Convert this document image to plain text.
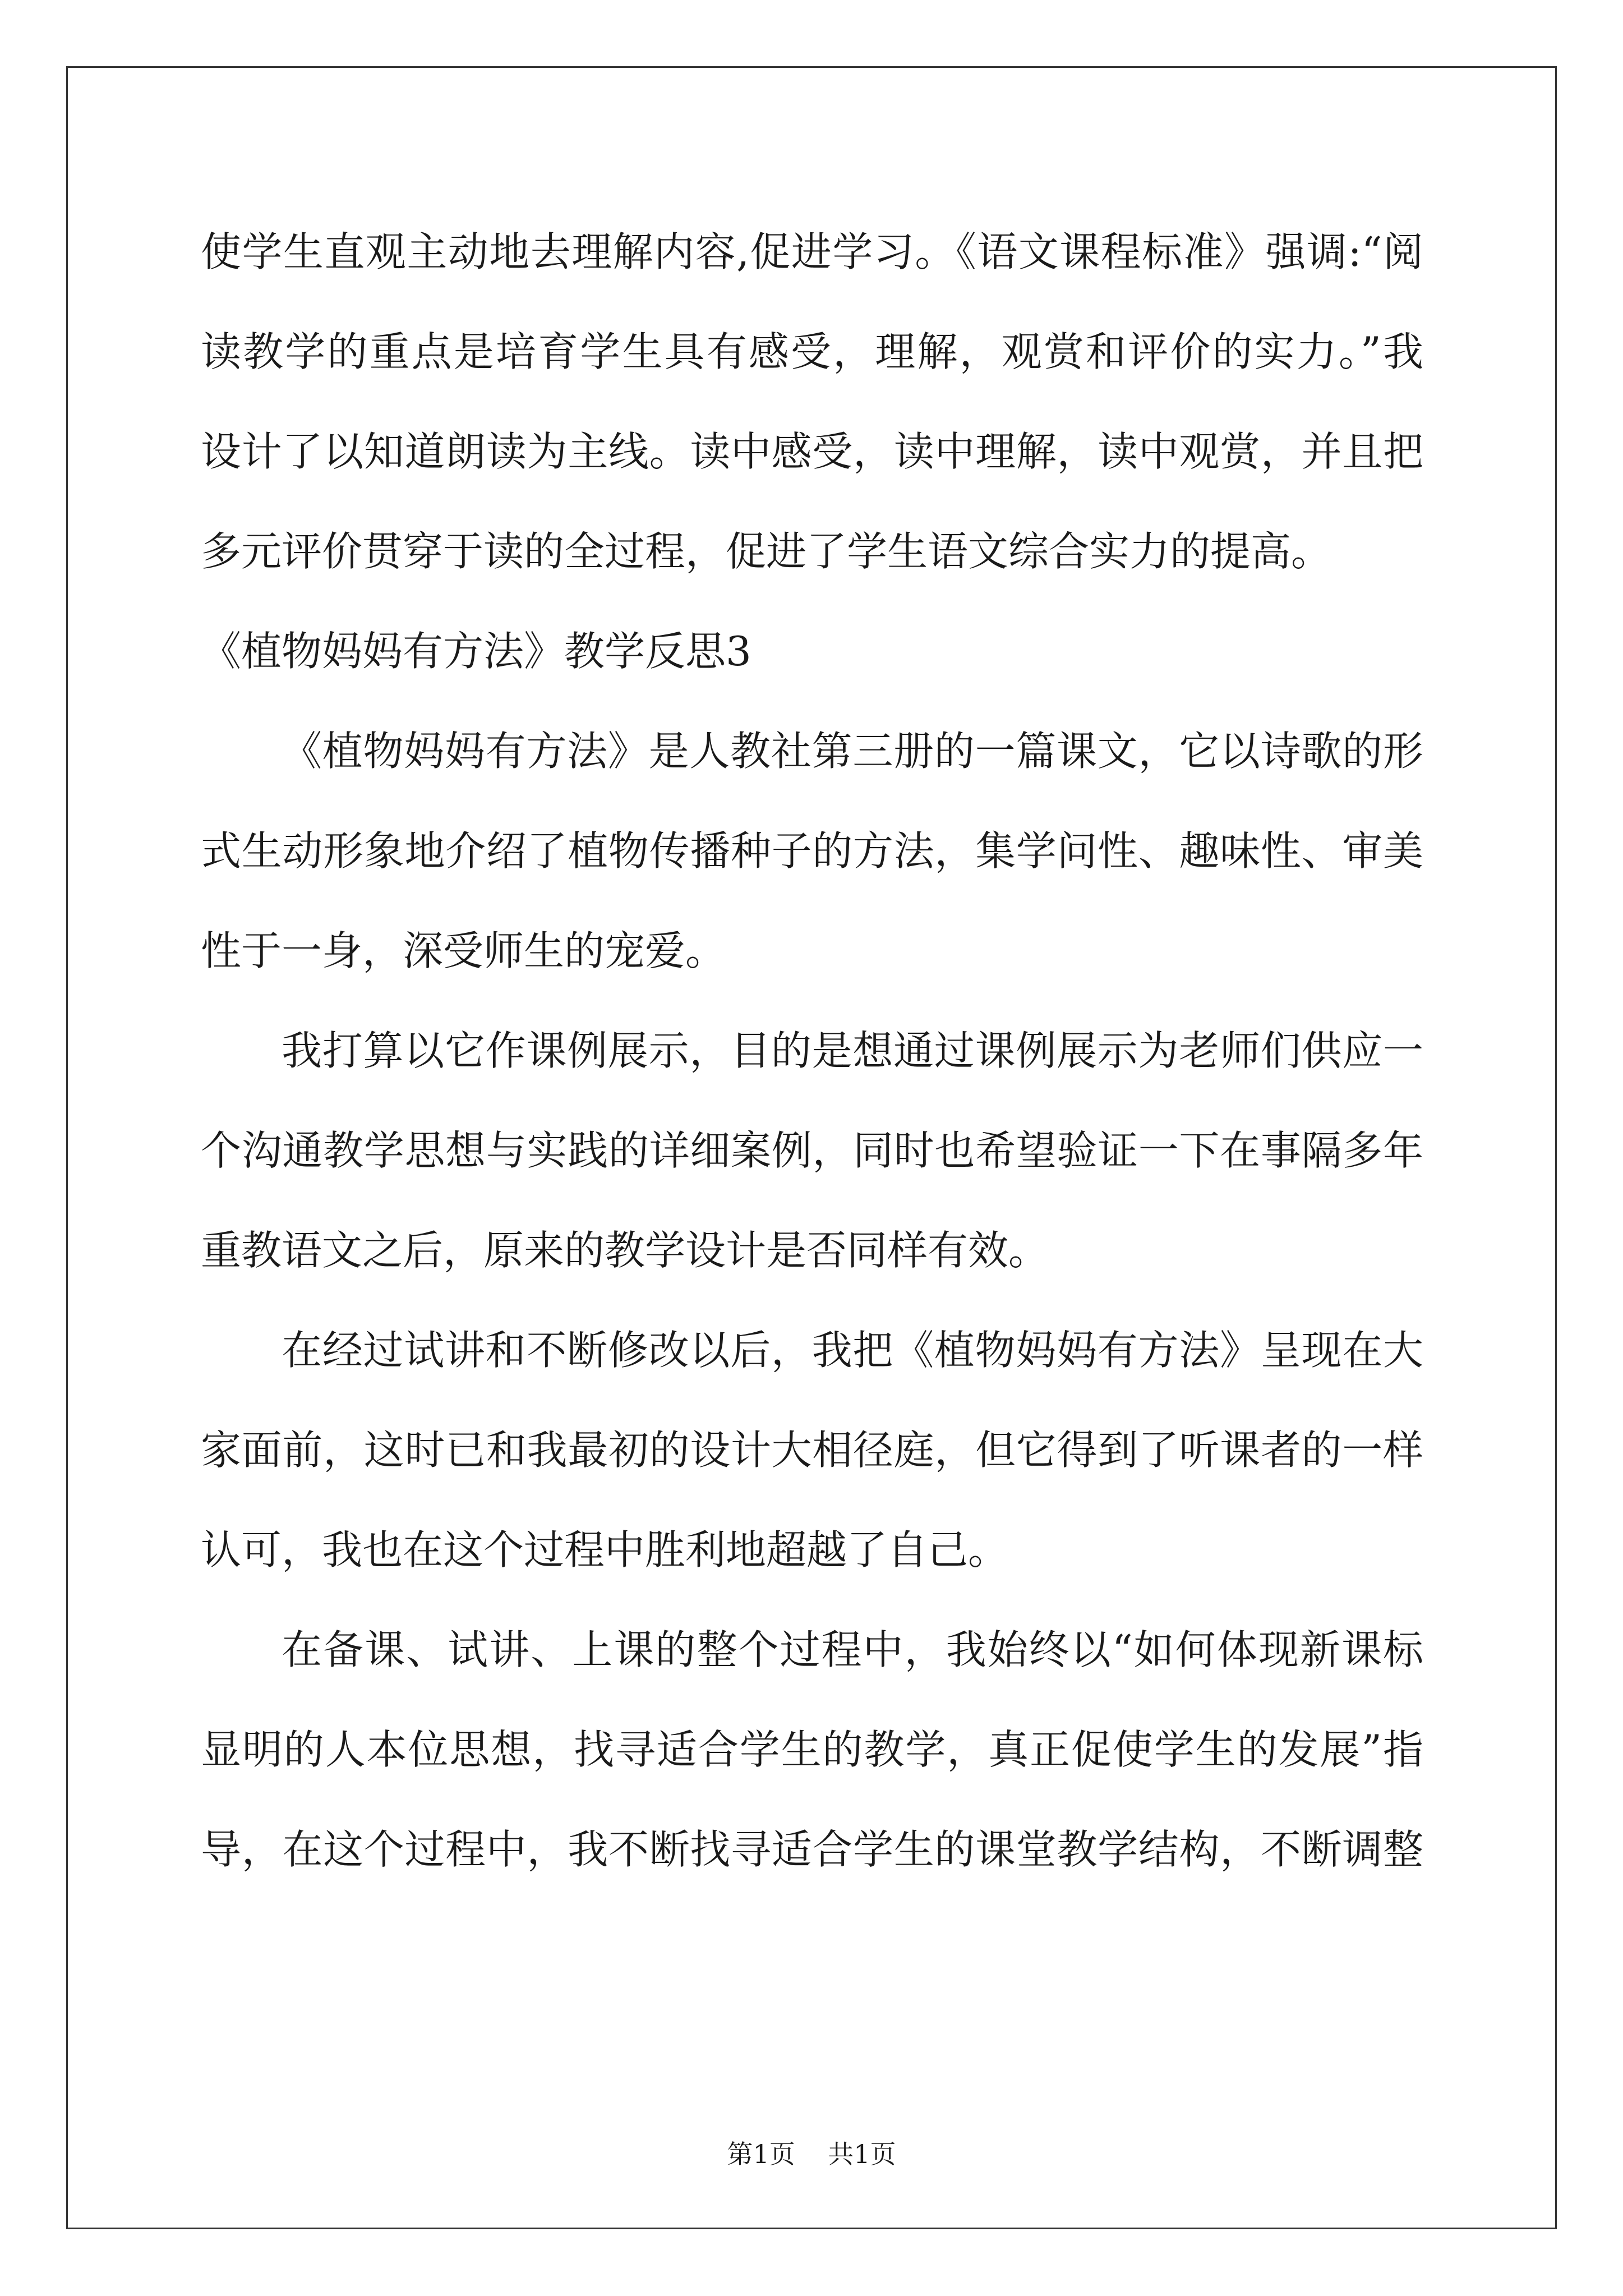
使学生直观主动地去理解内容,促进学习。《语文课程标准》强调:“阅
读教学的重点是培育学生具有感受，理解，观赏和评价的实力。”我
设计了以知道朗读为主线。读中感受，读中理解，读中观赏，并且把
多元评价贯穿于读的全过程，促进了学生语文综合实力的提高。
《植物妈妈有方法》教学反思3
《植物妈妈有方法》是人教社第三册的一篇课文，它以诗歌的形
式生动形象地介绍了植物传播种子的方法，集学问性、趣味性、审美
性于一身，深受师生的宠爱。
我打算以它作课例展示，目的是想通过课例展示为老师们供应一
个沟通教学思想与实践的详细案例，同时也希望验证一下在事隔多年
重教语文之后，原来的教学设计是否同样有效。
在经过试讲和不断修改以后，我把《植物妈妈有方法》呈现在大
家面前，这时已和我最初的设计大相径庭，但它得到了听课者的一样
认可，我也在这个过程中胜利地超越了自己。
在备课、试讲、上课的整个过程中，我始终以“如何体现新课标
显明的人本位思想，找寻适合学生的教学，真正促使学生的发展”指
导，在这个过程中，我不断找寻适合学生的课堂教学结构，不断调整
第1页 共1页
